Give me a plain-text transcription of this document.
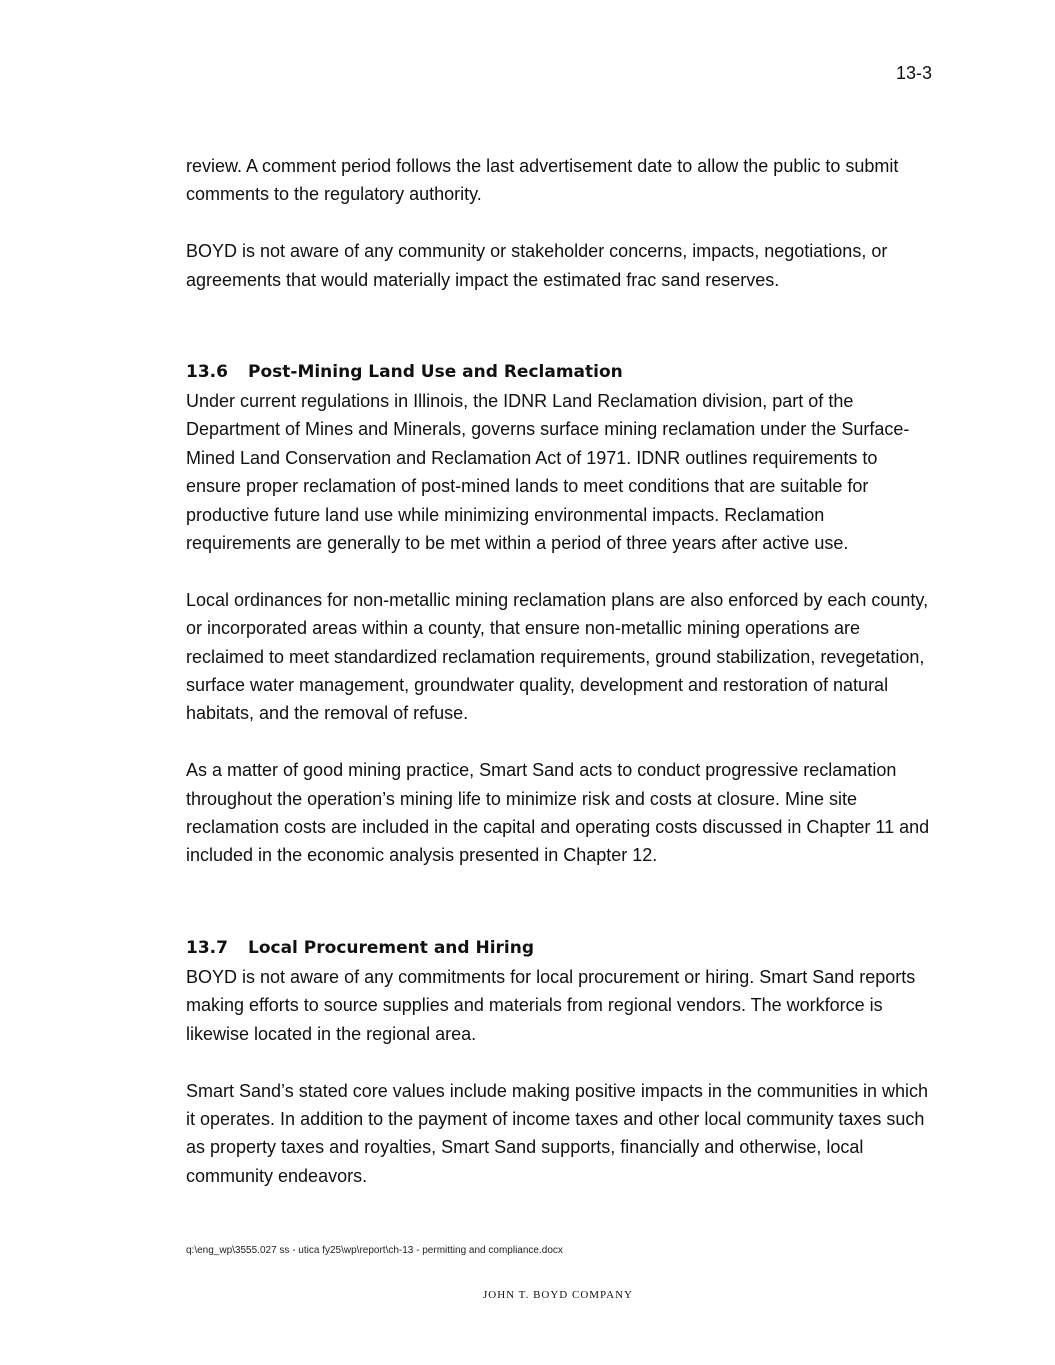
13-3

review. A comment period follows the last advertisement date to allow the public to submit comments to the regulatory authority.

BOYD is not aware of any community or stakeholder concerns, impacts, negotiations, or agreements that would materially impact the estimated frac sand reserves.

13.6 Post-Mining Land Use and Reclamation

Under current regulations in Illinois, the IDNR Land Reclamation division, part of the Department of Mines and Minerals, governs surface mining reclamation under the Surface-Mined Land Conservation and Reclamation Act of 1971. IDNR outlines requirements to ensure proper reclamation of post-mined lands to meet conditions that are suitable for productive future land use while minimizing environmental impacts. Reclamation requirements are generally to be met within a period of three years after active use.

Local ordinances for non-metallic mining reclamation plans are also enforced by each county, or incorporated areas within a county, that ensure non-metallic mining operations are reclaimed to meet standardized reclamation requirements, ground stabilization, revegetation, surface water management, groundwater quality, development and restoration of natural habitats, and the removal of refuse.

As a matter of good mining practice, Smart Sand acts to conduct progressive reclamation throughout the operation’s mining life to minimize risk and costs at closure. Mine site reclamation costs are included in the capital and operating costs discussed in Chapter 11 and included in the economic analysis presented in Chapter 12.

13.7 Local Procurement and Hiring

BOYD is not aware of any commitments for local procurement or hiring. Smart Sand reports making efforts to source supplies and materials from regional vendors. The workforce is likewise located in the regional area.

Smart Sand’s stated core values include making positive impacts in the communities in which it operates. In addition to the payment of income taxes and other local community taxes such as property taxes and royalties, Smart Sand supports, financially and otherwise, local community endeavors.

q:\eng_wp\3555.027 ss - utica fy25\wp\report\ch-13 - permitting and compliance.docx
JOHN T. BOYD COMPANY
